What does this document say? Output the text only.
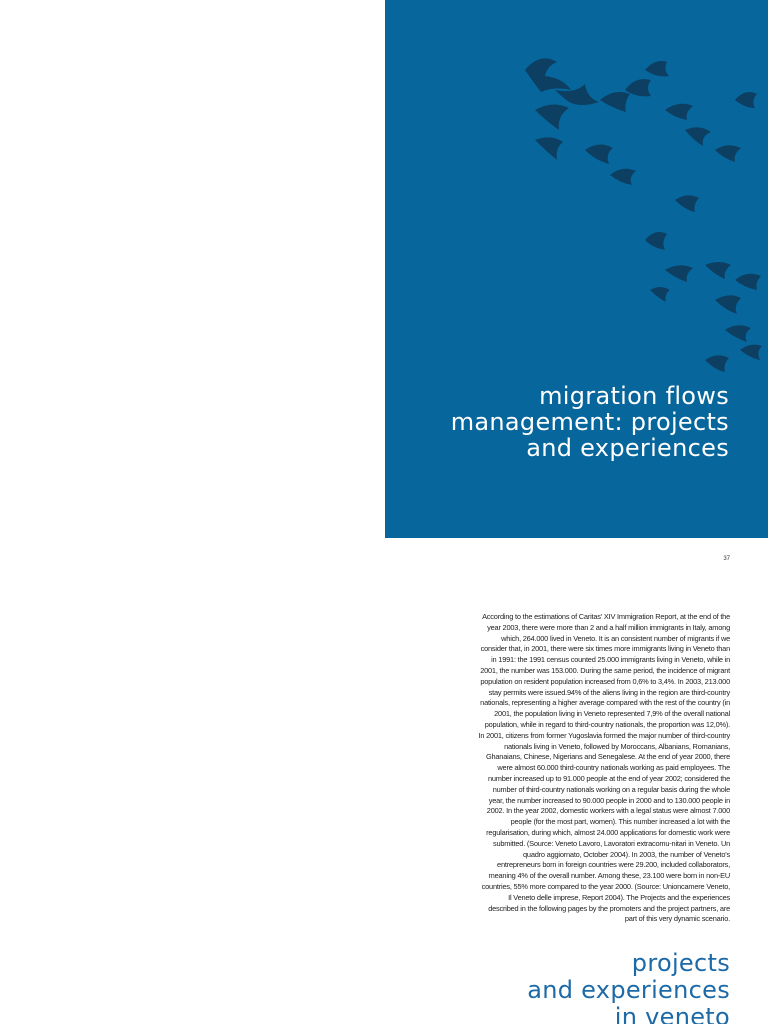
migration flows
management: projects
and experiences
37

According to the estimations of Caritas' XIV Immigration Report, at the end of the year 2003, there were more than 2 and a half million immigrants in Italy, among which, 264.000 lived in Veneto. It is an consistent number of migrants if we consider that, in 2001, there were six times more immigrants living in Veneto than in 1991: the 1991 census counted 25.000 immigrants living in Veneto, while in 2001, the number was 153.000. During the same period, the incidence of migrant population on resident population increased from 0,6% to 3,4%. In 2003, 213.000 stay permits were issued.94% of the aliens living in the region are third-country nationals, representing a higher average compared with the rest of the country (in 2001, the population living in Veneto represented 7,9% of the overall national population, while in regard to third-country nationals, the proportion was 12,0%). In 2001, citizens from former Yugoslavia formed the major number of third-country nationals living in Veneto, followed by Moroccans, Albanians, Romanians, Ghanaians, Chinese, Nigerians and Senegalese. At the end of year 2000, there were almost 60.000 third-country nationals working as paid employees. The number increased up to 91.000 people at the end of year 2002; considered the number of third-country nationals working on a regular basis during the whole year, the number increased to 90.000 people in 2000 and to 130.000 people in 2002. In the year 2002, domestic workers with a legal status were almost 7.000 people (for the most part, women). This number increased a lot with the regularisation, during which, almost 24.000 applications for domestic work were submitted. (Source: Veneto Lavoro, Lavoratori extracomu-nitari in Veneto. Un quadro aggiornato, October 2004). In 2003, the number of Veneto's entrepreneurs born in foreign countries were 29.200, included collaborators, meaning 4% of the overall number. Among these, 23.100 were born in non-EU countries, 55% more compared to the year 2000. (Source: Unioncamere Veneto, Il Veneto delle imprese, Report 2004). The Projects and the experiences described in the following pages by the promoters and the project partners, are part of this very dynamic scenario.

projects
and experiences
in veneto
